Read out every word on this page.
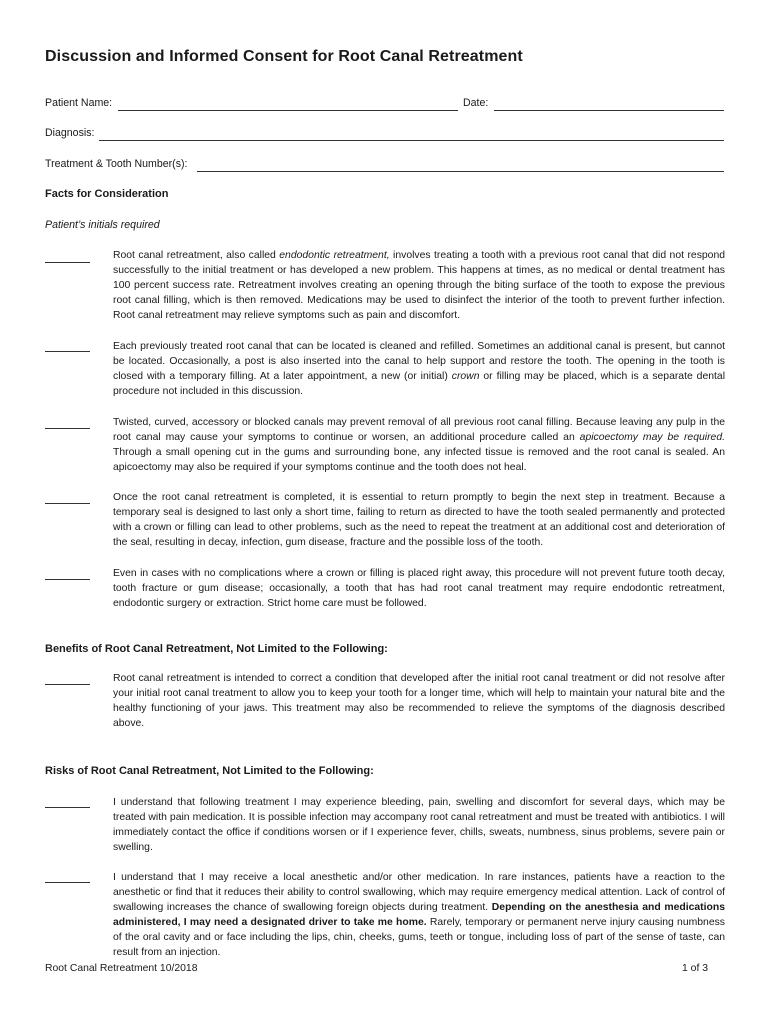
Discussion and Informed Consent for Root Canal Retreatment
Patient Name:	Date:
Diagnosis:
Treatment & Tooth Number(s):
Facts for Consideration
Patient’s initials required
Root canal retreatment, also called endodontic retreatment, involves treating a tooth with a previous root canal that did not respond successfully to the initial treatment or has developed a new problem. This happens at times, as no medical or dental treatment has 100 percent success rate. Retreatment involves creating an opening through the biting surface of the tooth to expose the previous root canal filling, which is then removed. Medications may be used to disinfect the interior of the tooth to prevent further infection. Root canal retreatment may relieve symptoms such as pain and discomfort.
Each previously treated root canal that can be located is cleaned and refilled. Sometimes an additional canal is present, but cannot be located. Occasionally, a post is also inserted into the canal to help support and restore the tooth. The opening in the tooth is closed with a temporary filling. At a later appointment, a new (or initial) crown or filling may be placed, which is a separate dental procedure not included in this discussion.
Twisted, curved, accessory or blocked canals may prevent removal of all previous root canal filling. Because leaving any pulp in the root canal may cause your symptoms to continue or worsen, an additional procedure called an apicoectomy may be required. Through a small opening cut in the gums and surrounding bone, any infected tissue is removed and the root canal is sealed. An apicoectomy may also be required if your symptoms continue and the tooth does not heal.
Once the root canal retreatment is completed, it is essential to return promptly to begin the next step in treatment. Because a temporary seal is designed to last only a short time, failing to return as directed to have the tooth sealed permanently and protected with a crown or filling can lead to other problems, such as the need to repeat the treatment at an additional cost and deterioration of the seal, resulting in decay, infection, gum disease, fracture and the possible loss of the tooth.
Even in cases with no complications where a crown or filling is placed right away, this procedure will not prevent future tooth decay, tooth fracture or gum disease; occasionally, a tooth that has had root canal treatment may require endodontic retreatment, endodontic surgery or extraction. Strict home care must be followed.
Benefits of Root Canal Retreatment, Not Limited to the Following:
Root canal retreatment is intended to correct a condition that developed after the initial root canal treatment or did not resolve after your initial root canal treatment to allow you to keep your tooth for a longer time, which will help to maintain your natural bite and the healthy functioning of your jaws. This treatment may also be recommended to relieve the symptoms of the diagnosis described above.
Risks of Root Canal Retreatment, Not Limited to the Following:
I understand that following treatment I may experience bleeding, pain, swelling and discomfort for several days, which may be treated with pain medication. It is possible infection may accompany root canal retreatment and must be treated with antibiotics. I will immediately contact the office if conditions worsen or if I experience fever, chills, sweats, numbness, sinus problems, severe pain or swelling.
I understand that I may receive a local anesthetic and/or other medication. In rare instances, patients have a reaction to the anesthetic or find that it reduces their ability to control swallowing, which may require emergency medical attention. Lack of control of swallowing increases the chance of swallowing foreign objects during treatment. Depending on the anesthesia and medications administered, I may need a designated driver to take me home. Rarely, temporary or permanent nerve injury causing numbness of the oral cavity and or face including the lips, chin, cheeks, gums, teeth or tongue, including loss of part of the sense of taste, can result from an injection.
Root Canal Retreatment 10/2018	1 of 3
